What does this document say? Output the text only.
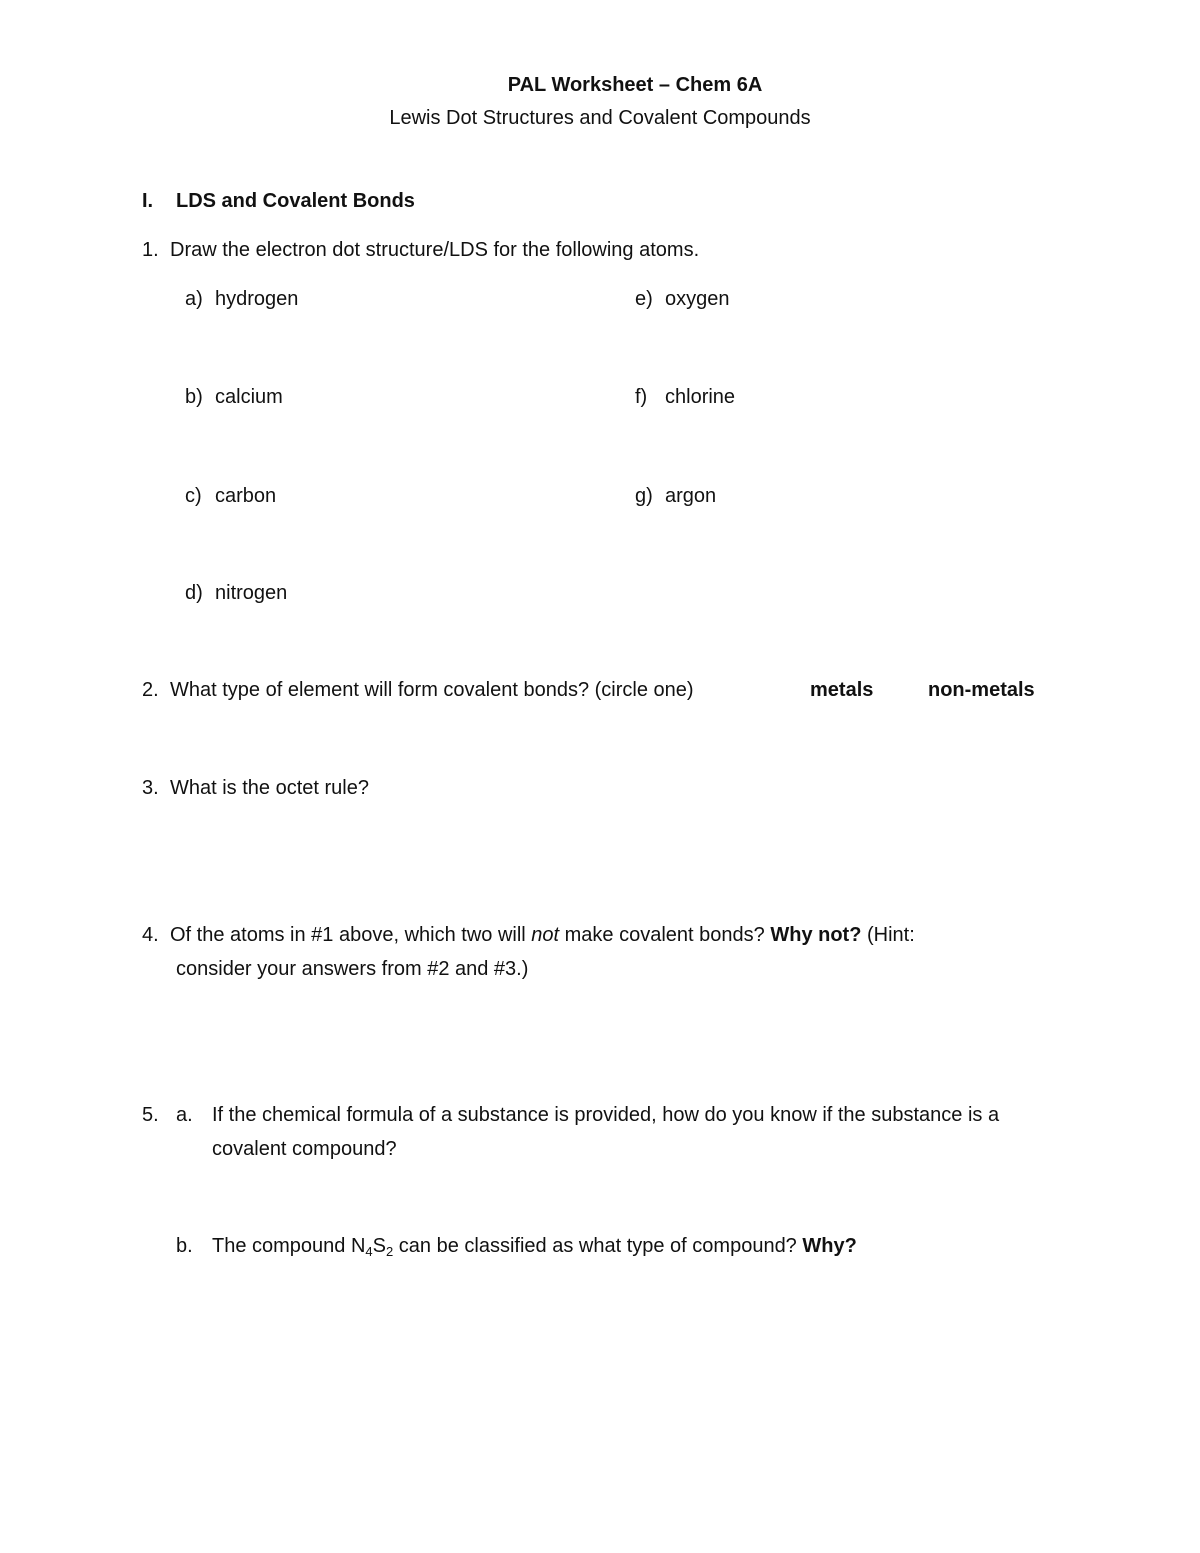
PAL Worksheet – Chem 6A
Lewis Dot Structures and Covalent Compounds
I. LDS and Covalent Bonds
1. Draw the electron dot structure/LDS for the following atoms.
a) hydrogen
b) calcium
c) carbon
d) nitrogen
e) oxygen
f) chlorine
g) argon
2. What type of element will form covalent bonds? (circle one)	metals	non-metals
3. What is the octet rule?
4. Of the atoms in #1 above, which two will not make covalent bonds? Why not? (Hint:
consider your answers from #2 and #3.)
5. a. If the chemical formula of a substance is provided, how do you know if the substance is a
covalent compound?
b. The compound $N_4S_2$ can be classified as what type of compound? Why?
